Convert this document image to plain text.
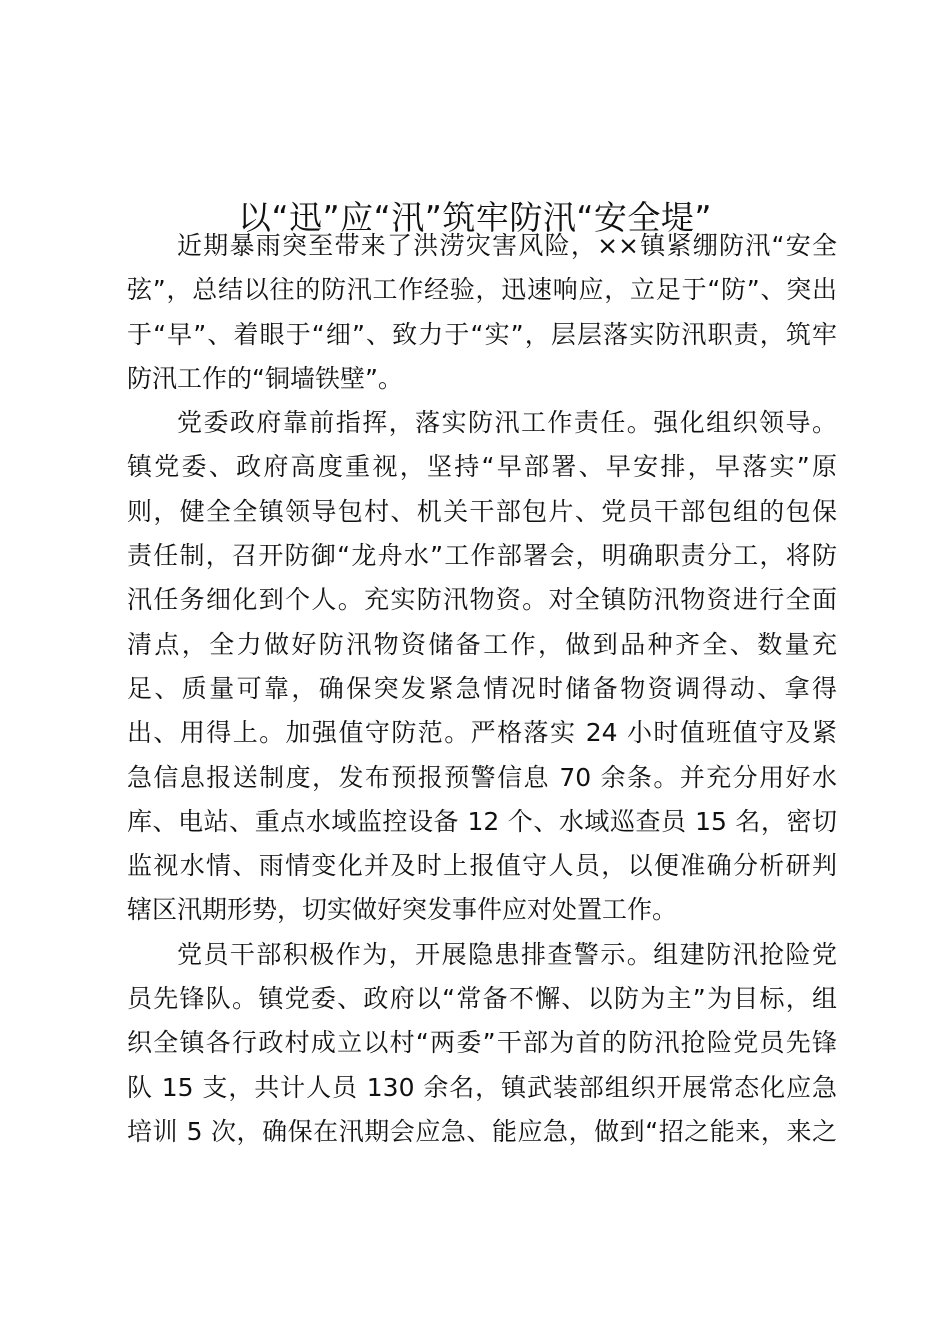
以“迅”应“汛”筑牢防汛“安全堤”

近期暴雨突至带来了洪涝灾害风险，××镇紧绷防汛“安全
弦”，总结以往的防汛工作经验，迅速响应，立足于“防”、突出
于“早”、着眼于“细”、致力于“实”，层层落实防汛职责，筑牢
防汛工作的“铜墙铁壁”。

党委政府靠前指挥，落实防汛工作责任。强化组织领导。
镇党委、政府高度重视，坚持“早部署、早安排，早落实”原
则，健全全镇领导包村、机关干部包片、党员干部包组的包保
责任制，召开防御“龙舟水”工作部署会，明确职责分工，将防
汛任务细化到个人。充实防汛物资。对全镇防汛物资进行全面
清点，全力做好防汛物资储备工作，做到品种齐全、数量充
足、质量可靠，确保突发紧急情况时储备物资调得动、拿得
出、用得上。加强值守防范。严格落实 24 小时值班值守及紧
急信息报送制度，发布预报预警信息 70 余条。并充分用好水
库、电站、重点水域监控设备 12 个、水域巡查员 15 名，密切
监视水情、雨情变化并及时上报值守人员，以便准确分析研判
辖区汛期形势，切实做好突发事件应对处置工作。

党员干部积极作为，开展隐患排查警示。组建防汛抢险党
员先锋队。镇党委、政府以“常备不懈、以防为主”为目标，组
织全镇各行政村成立以村“两委”干部为首的防汛抢险党员先锋
队 15 支，共计人员 130 余名，镇武装部组织开展常态化应急
培训 5 次，确保在汛期会应急、能应急，做到“招之能来，来之
